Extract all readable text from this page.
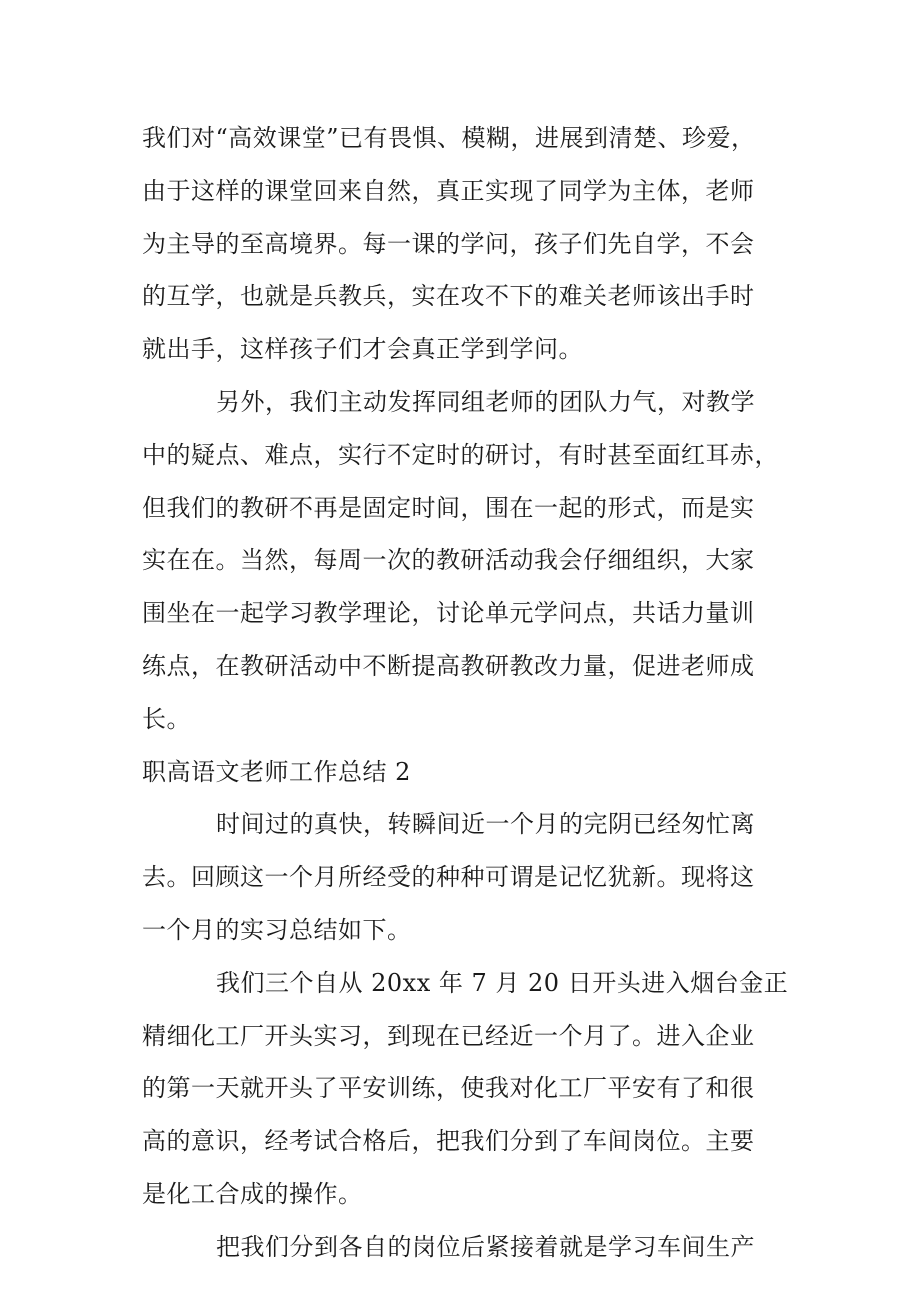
我们对“高效课堂”已有畏惧、模糊，进展到清楚、珍爱，
由于这样的课堂回来自然，真正实现了同学为主体，老师
为主导的至高境界。每一课的学问，孩子们先自学，不会
的互学，也就是兵教兵，实在攻不下的难关老师该出手时
就出手，这样孩子们才会真正学到学问。
另外，我们主动发挥同组老师的团队力气，对教学
中的疑点、难点，实行不定时的研讨，有时甚至面红耳赤，
但我们的教研不再是固定时间，围在一起的形式，而是实
实在在。当然，每周一次的教研活动我会仔细组织，大家
围坐在一起学习教学理论，讨论单元学问点，共话力量训
练点，在教研活动中不断提高教研教改力量，促进老师成
长。
职高语文老师工作总结 2
时间过的真快，转瞬间近一个月的完阴已经匆忙离
去。回顾这一个月所经受的种种可谓是记忆犹新。现将这
一个月的实习总结如下。
我们三个自从 20xx 年 7 月 20 日开头进入烟台金正
精细化工厂开头实习，到现在已经近一个月了。进入企业
的第一天就开头了平安训练，使我对化工厂平安有了和很
高的意识，经考试合格后，把我们分到了车间岗位。主要
是化工合成的操作。
把我们分到各自的岗位后紧接着就是学习车间生产
